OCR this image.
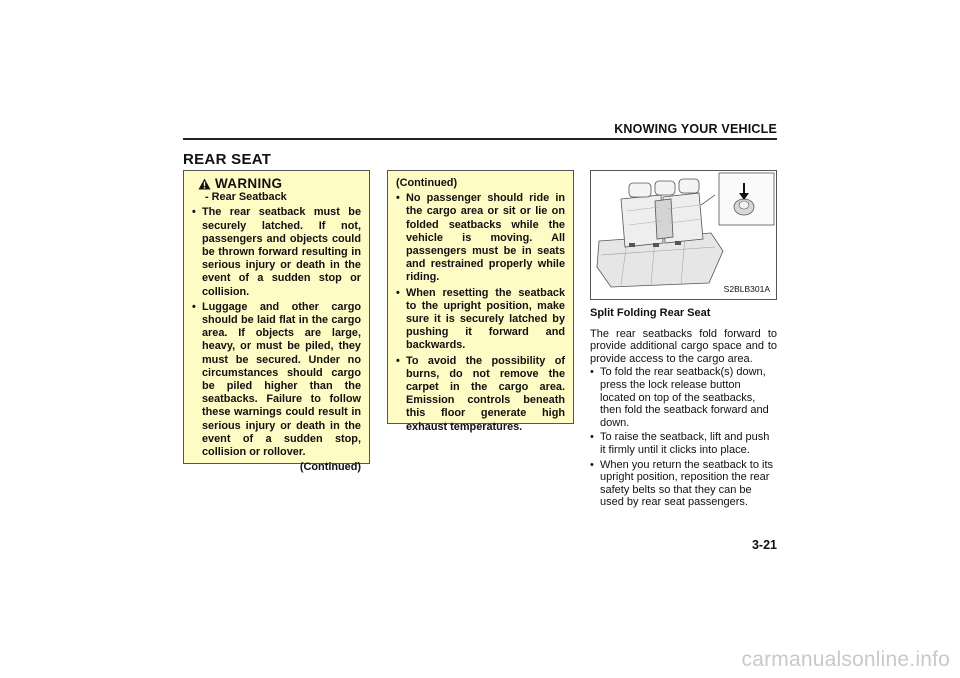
KNOWING YOUR VEHICLE
REAR SEAT
WARNING
- Rear Seatback
• The rear seatback must be securely latched. If not, passengers and objects could be thrown forward resulting in serious injury or death in the event of a sudden stop or collision.
• Luggage and other cargo should be laid flat in the cargo area. If objects are large, heavy, or must be piled, they must be secured. Under no circumstances should cargo be piled higher than the seatbacks. Failure to follow these warnings could result in serious injury or death in the event of a sudden stop, collision or rollover.
(Continued)
(Continued)
• No passenger should ride in the cargo area or sit or lie on folded seatbacks while the vehicle is moving. All passengers must be in seats and restrained properly while riding.
• When resetting the seatback to the upright position, make sure it is securely latched by pushing it forward and backwards.
• To avoid the possibility of burns, do not remove the carpet in the cargo area. Emission controls beneath this floor generate high exhaust temperatures.
S2BLB301A
Split Folding Rear Seat

The rear seatbacks fold forward to provide additional cargo space and to provide access to the cargo area.

• To fold the rear seatback(s) down, press the lock release button located on top of the seatbacks, then fold the seatback forward and down.
• To raise the seatback, lift and push it firmly until it clicks into place.
• When you return the seatback to its upright position, reposition the rear safety belts so that they can be used by rear seat passengers.
3-21
carmanualsonline.info
